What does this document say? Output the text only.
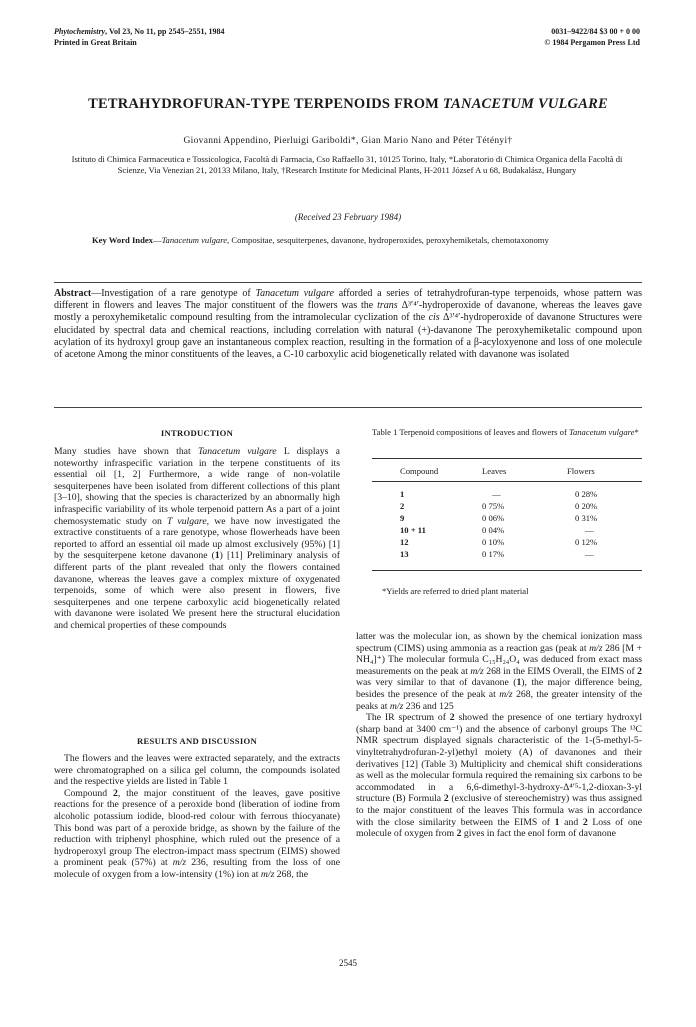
Phytochemistry, Vol 23, No 11, pp 2545–2551, 1984
Printed in Great Britain
0031–9422/84 $3 00 + 0 00
© 1984 Pergamon Press Ltd
TETRAHYDROFURAN-TYPE TERPENOIDS FROM TANACETUM VULGARE
Giovanni Appendino, Pierluigi Gariboldi*, Gian Mario Nano and Péter Tétényi†
Istituto di Chimica Farmaceutica e Tossicologica, Facoltà di Farmacia, Cso Raffaello 31, 10125 Torino, Italy, *Laboratorio di Chimica Organica della Facoltà di Scienze, Via Venezian 21, 20133 Milano, Italy, †Research Institute for Medicinal Plants, H-2011 József A u 68, Budakalász, Hungary
(Received 23 February 1984)
Key Word Index—Tanacetum vulgare, Compositae, sesquiterpenes, davanone, hydroperoxides, peroxyhemiketals, chemotaxonomy
Abstract—Investigation of a rare genotype of Tanacetum vulgare afforded a series of tetrahydrofuran-type terpenoids, whose pattern was different in flowers and leaves The major constituent of the flowers was the trans Δ³′⁴′-hydroperoxide of davanone, whereas the leaves gave mostly a peroxyhemiketalic compound resulting from the intramolecular cyclization of the cis Δ³′⁴′-hydroperoxide of davanone Structures were elucidated by spectral data and chemical reactions, including correlation with natural (+)-davanone The peroxyhemiketalic compound upon acylation of its hydroxyl group gave an instantaneous complex reaction, resulting in the formation of a β-acyloxyenone and loss of one molecule of acetone Among the minor constituents of the leaves, a C-10 carboxylic acid biogenetically related with davanone was isolated
INTRODUCTION

Many studies have shown that Tanacetum vulgare L displays a noteworthy infraspecific variation in the terpene constituents of its essential oil [1, 2] Furthermore, a wide range of non-volatile sesquiterpenes have been isolated from different collections of this plant [3–10], showing that the species is characterized by an abnormally high infraspecific variability of its whole terpenoid pattern As a part of a joint chemosystematic study on T vulgare, we have now investigated the extractive constituents of a rare genotype, whose flowerheads have been reported to afford an essential oil made up almost exclusively (95%) [1] by the sesquiterpene ketone davanone (1) [11] Preliminary analysis of different parts of the plant revealed that only the flowers contained davanone, whereas the leaves gave a complex mixture of oxygenated terpenoids, some of which were also present in flowers, five sesquiterpenes and one terpene carboxylic acid biogenetically related with davanone were isolated We present here the structural elucidation and chemical properties of these compounds

RESULTS AND DISCUSSION

The flowers and the leaves were extracted separately, and the extracts were chromatographed on a silica gel column, the compounds isolated and the respective yields are listed in Table 1

Compound 2, the major constituent of the leaves, gave positive reactions for the presence of a peroxide bond (liberation of iodine from alcoholic potassium iodide, blood-red colour with ferrous thiocyanate) This bond was part of a peroxide bridge, as shown by the failure of the reduction with triphenyl phosphine, which ruled out the presence of a hydroperoxyl group The electron-impact mass spectrum (EIMS) showed a prominent peak (57%) at m/z 236, resulting from the loss of one molecule of oxygen from a low-intensity (1%) ion at m/z 268, the

Table 1 Terpenoid compositions of leaves and flowers of Tanacetum vulgare*
Compound	Leaves	Flowers
1	—	0 28%
2	0 75%	0 20%
9	0 06%	0 31%
10 + 11	0 04%	—
12	0 10%	0 12%
13	0 17%	—
*Yields are referred to dried plant material

latter was the molecular ion, as shown by the chemical ionization mass spectrum (CIMS) using ammonia as a reaction gas (peak at m/z 286 [M + NH₄]⁺) The molecular formula C₁₅H₂₄O₄ was deduced from exact mass measurements on the peak at m/z 268 in the EIMS Overall, the EIMS of 2 was very similar to that of davanone (1), the major difference being, besides the presence of the peak at m/z 268, the greater intensity of the peaks at m/z 236 and 125

The IR spectrum of 2 showed the presence of one tertiary hydroxyl (sharp band at 3400 cm⁻¹) and the absence of carbonyl groups The ¹³C NMR spectrum displayed signals characteristic of the 1-(5-methyl-5-vinyltetrahydrofuran-2-yl)ethyl moiety (A) of davanones and their derivatives [12] (Table 3) Multiplicity and chemical shift considerations as well as the molecular formula required the remaining six carbons to be accommodated in a 6,6-dimethyl-3-hydroxy-Δ⁴′⁵-1,2-dioxan-3-yl structure (B) Formula 2 (exclusive of stereochemistry) was thus assigned to the major constituent of the leaves This formula was in accordance with the close similarity between the EIMS of 1 and 2 Loss of one molecule of oxygen from 2 gives in fact the enol form of davanone

2545
